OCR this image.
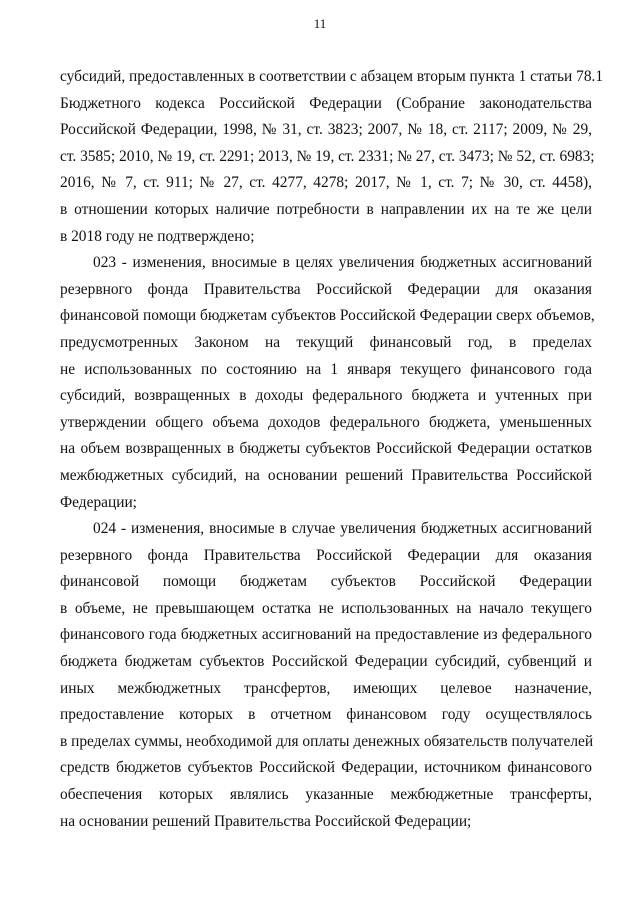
11
субсидий, предоставленных в соответствии с абзацем вторым пункта 1 статьи 78.1
Бюджетного кодекса Российской Федерации (Собрание законодательства
Российской Федерации, 1998, № 31, ст. 3823; 2007, № 18, ст. 2117; 2009, № 29,
ст. 3585; 2010, № 19, ст. 2291; 2013, № 19, ст. 2331; № 27, ст. 3473; № 52, ст. 6983;
2016, № 7, ст. 911; № 27, ст. 4277, 4278; 2017, № 1, ст. 7; № 30, ст. 4458),
в отношении которых наличие потребности в направлении их на те же цели
в 2018 году не подтверждено;
023 - изменения, вносимые в целях увеличения бюджетных ассигнований
резервного фонда Правительства Российской Федерации для оказания
финансовой помощи бюджетам субъектов Российской Федерации сверх объемов,
предусмотренных Законом на текущий финансовый год, в пределах
не использованных по состоянию на 1 января текущего финансового года
субсидий, возвращенных в доходы федерального бюджета и учтенных при
утверждении общего объема доходов федерального бюджета, уменьшенных
на объем возвращенных в бюджеты субъектов Российской Федерации остатков
межбюджетных субсидий, на основании решений Правительства Российской
Федерации;
024 - изменения, вносимые в случае увеличения бюджетных ассигнований
резервного фонда Правительства Российской Федерации для оказания
финансовой помощи бюджетам субъектов Российской Федерации
в объеме, не превышающем остатка не использованных на начало текущего
финансового года бюджетных ассигнований на предоставление из федерального
бюджета бюджетам субъектов Российской Федерации субсидий, субвенций и
иных межбюджетных трансфертов, имеющих целевое назначение,
предоставление которых в отчетном финансовом году осуществлялось
в пределах суммы, необходимой для оплаты денежных обязательств получателей
средств бюджетов субъектов Российской Федерации, источником финансового
обеспечения которых являлись указанные межбюджетные трансферты,
на основании решений Правительства Российской Федерации;
